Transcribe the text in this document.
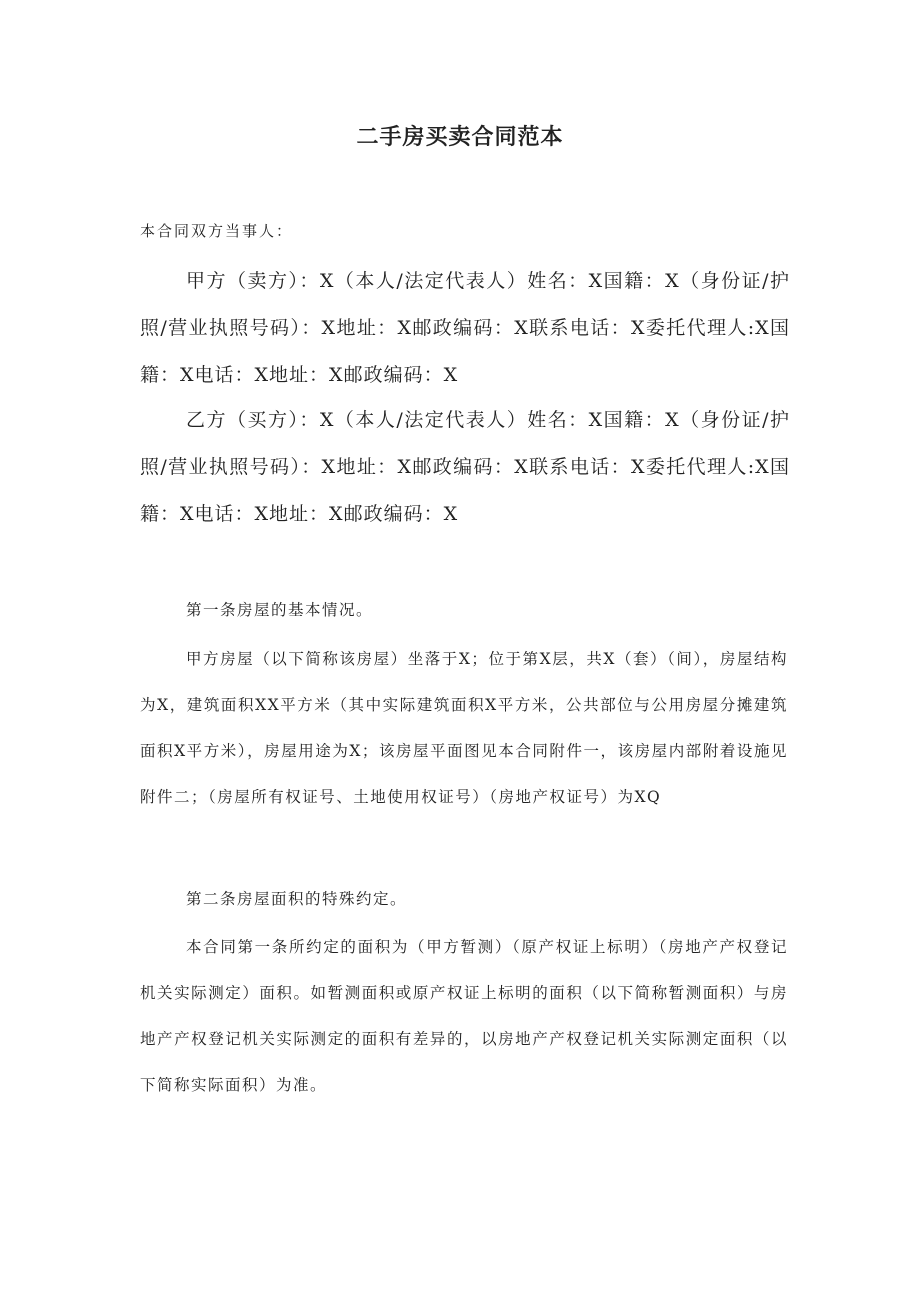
二手房买卖合同范本

本合同双方当事人：

甲方（卖方）：X（本人/法定代表人）姓名：X国籍：X（身份证/护照/营业执照号码）：X地址：X邮政编码：X联系电话：X委托代理人:X国籍：X电话：X地址：X邮政编码：X

乙方（买方）：X（本人/法定代表人）姓名：X国籍：X（身份证/护照/营业执照号码）：X地址：X邮政编码：X联系电话：X委托代理人:X国籍：X电话：X地址：X邮政编码：X

第一条房屋的基本情况。

甲方房屋（以下简称该房屋）坐落于X；位于第X层，共X（套）（间），房屋结构为X，建筑面积XX平方米（其中实际建筑面积X平方米，公共部位与公用房屋分摊建筑面积X平方米），房屋用途为X；该房屋平面图见本合同附件一，该房屋内部附着设施见附件二；（房屋所有权证号、土地使用权证号）（房地产权证号）为XQ

第二条房屋面积的特殊约定。

本合同第一条所约定的面积为（甲方暂测）（原产权证上标明）（房地产产权登记机关实际测定）面积。如暂测面积或原产权证上标明的面积（以下简称暂测面积）与房地产产权登记机关实际测定的面积有差异的，以房地产产权登记机关实际测定面积（以下简称实际面积）为准。
